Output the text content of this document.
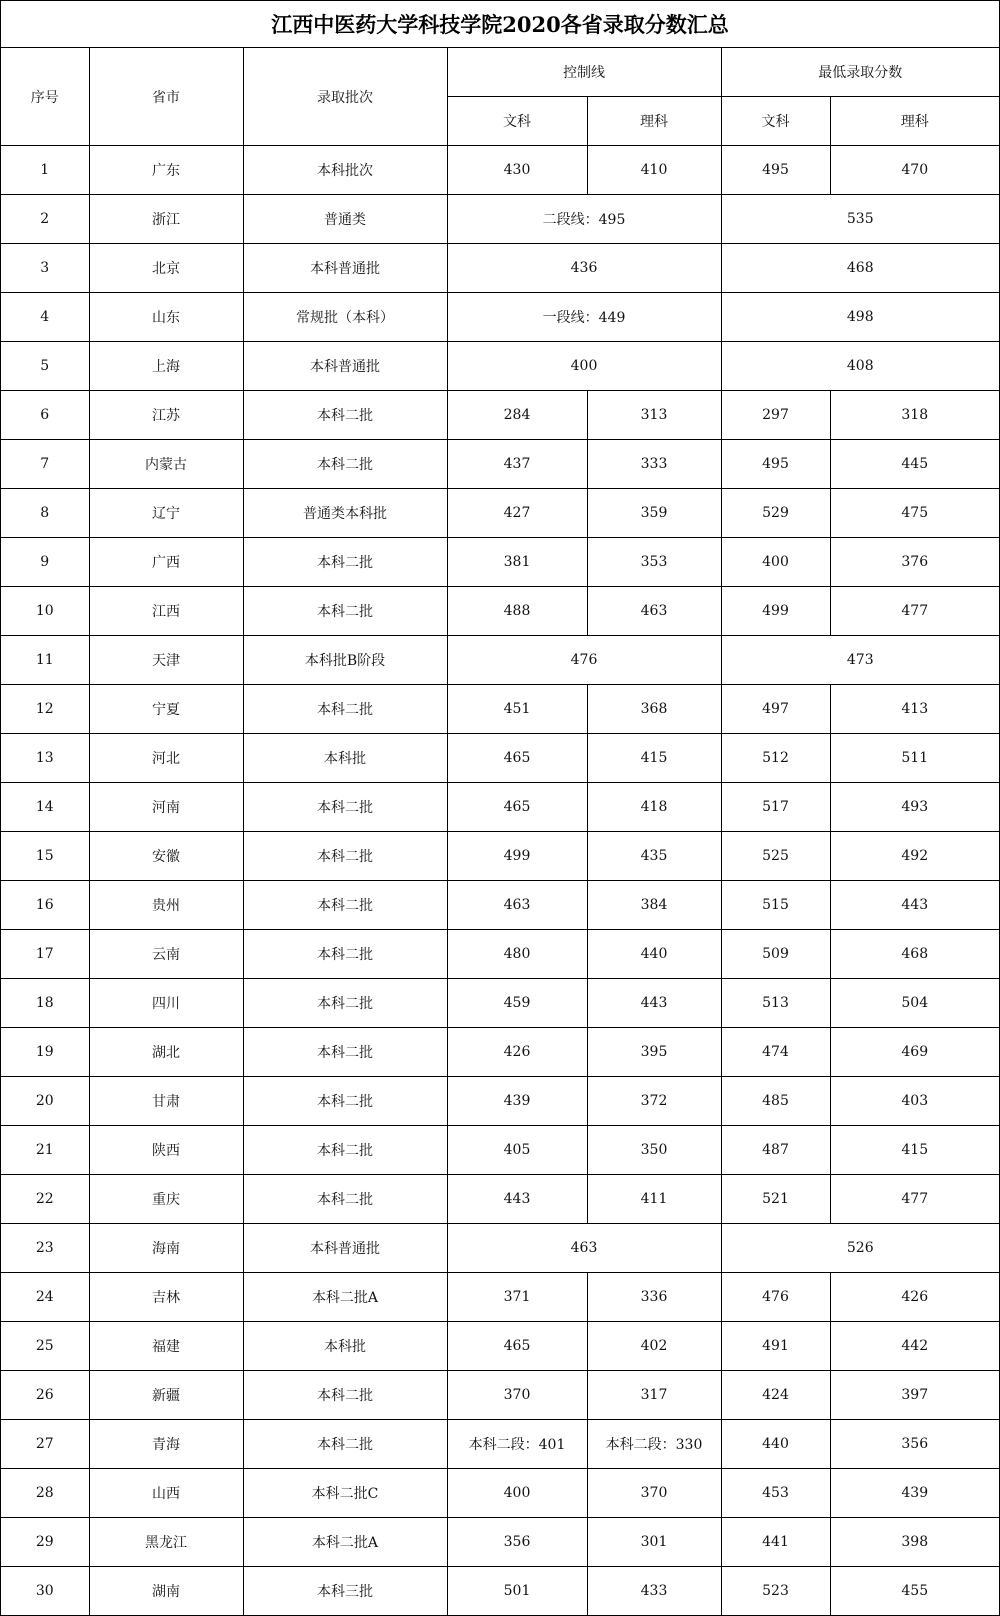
江西中医药大学科技学院2020各省录取分数汇总
序号	省市	录取批次	控制线		最低录取分数	
			文科	理科	文科	理科
1	广东	本科批次	430	410	495	470
2	浙江	普通类	二段线：495		535	
3	北京	本科普通批	436		468	
4	山东	常规批（本科）	一段线：449		498	
5	上海	本科普通批	400		408	
6	江苏	本科二批	284	313	297	318
7	内蒙古	本科二批	437	333	495	445
8	辽宁	普通类本科批	427	359	529	475
9	广西	本科二批	381	353	400	376
10	江西	本科二批	488	463	499	477
11	天津	本科批B阶段	476		473	
12	宁夏	本科二批	451	368	497	413
13	河北	本科批	465	415	512	511
14	河南	本科二批	465	418	517	493
15	安徽	本科二批	499	435	525	492
16	贵州	本科二批	463	384	515	443
17	云南	本科二批	480	440	509	468
18	四川	本科二批	459	443	513	504
19	湖北	本科二批	426	395	474	469
20	甘肃	本科二批	439	372	485	403
21	陕西	本科二批	405	350	487	415
22	重庆	本科二批	443	411	521	477
23	海南	本科普通批	463		526	
24	吉林	本科二批A	371	336	476	426
25	福建	本科批	465	402	491	442
26	新疆	本科二批	370	317	424	397
27	青海	本科二批	本科二段：401	本科二段：330	440	356
28	山西	本科二批C	400	370	453	439
29	黑龙江	本科二批A	356	301	441	398
30	湖南	本科三批	501	433	523	455
